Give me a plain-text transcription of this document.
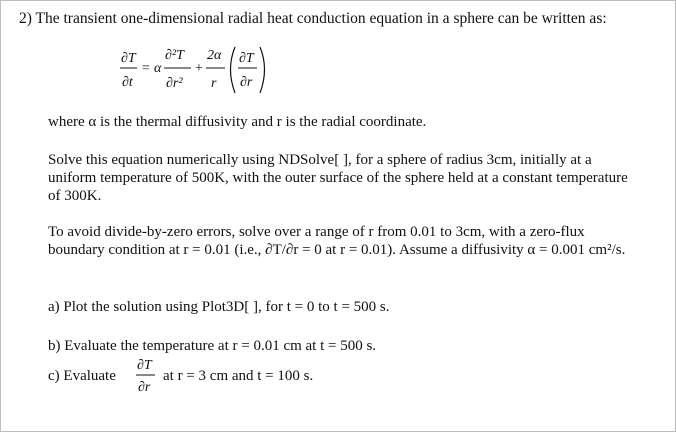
2) The transient one-dimensional radial heat conduction equation in a sphere can be written as:

∂T
∂t
= α
∂²T
∂r²
+
2α
r
∂T
∂r

where α is the thermal diffusivity and r is the radial coordinate.

Solve this equation numerically using NDSolve[ ], for a sphere of radius 3cm, initially at a uniform temperature of 500K, with the outer surface of the sphere held at a constant temperature of 300K.

To avoid divide-by-zero errors, solve over a range of r from 0.01 to 3cm, with a zero-flux boundary condition at r = 0.01 (i.e., ∂T/∂r = 0 at r = 0.01). Assume a diffusivity α = 0.001 cm²/s.

a) Plot the solution using Plot3D[ ], for t = 0 to t = 500 s.

b) Evaluate the temperature at r = 0.01 cm at t = 500 s.

c) Evaluate

∂T
∂r

at r = 3 cm and t = 100 s.
